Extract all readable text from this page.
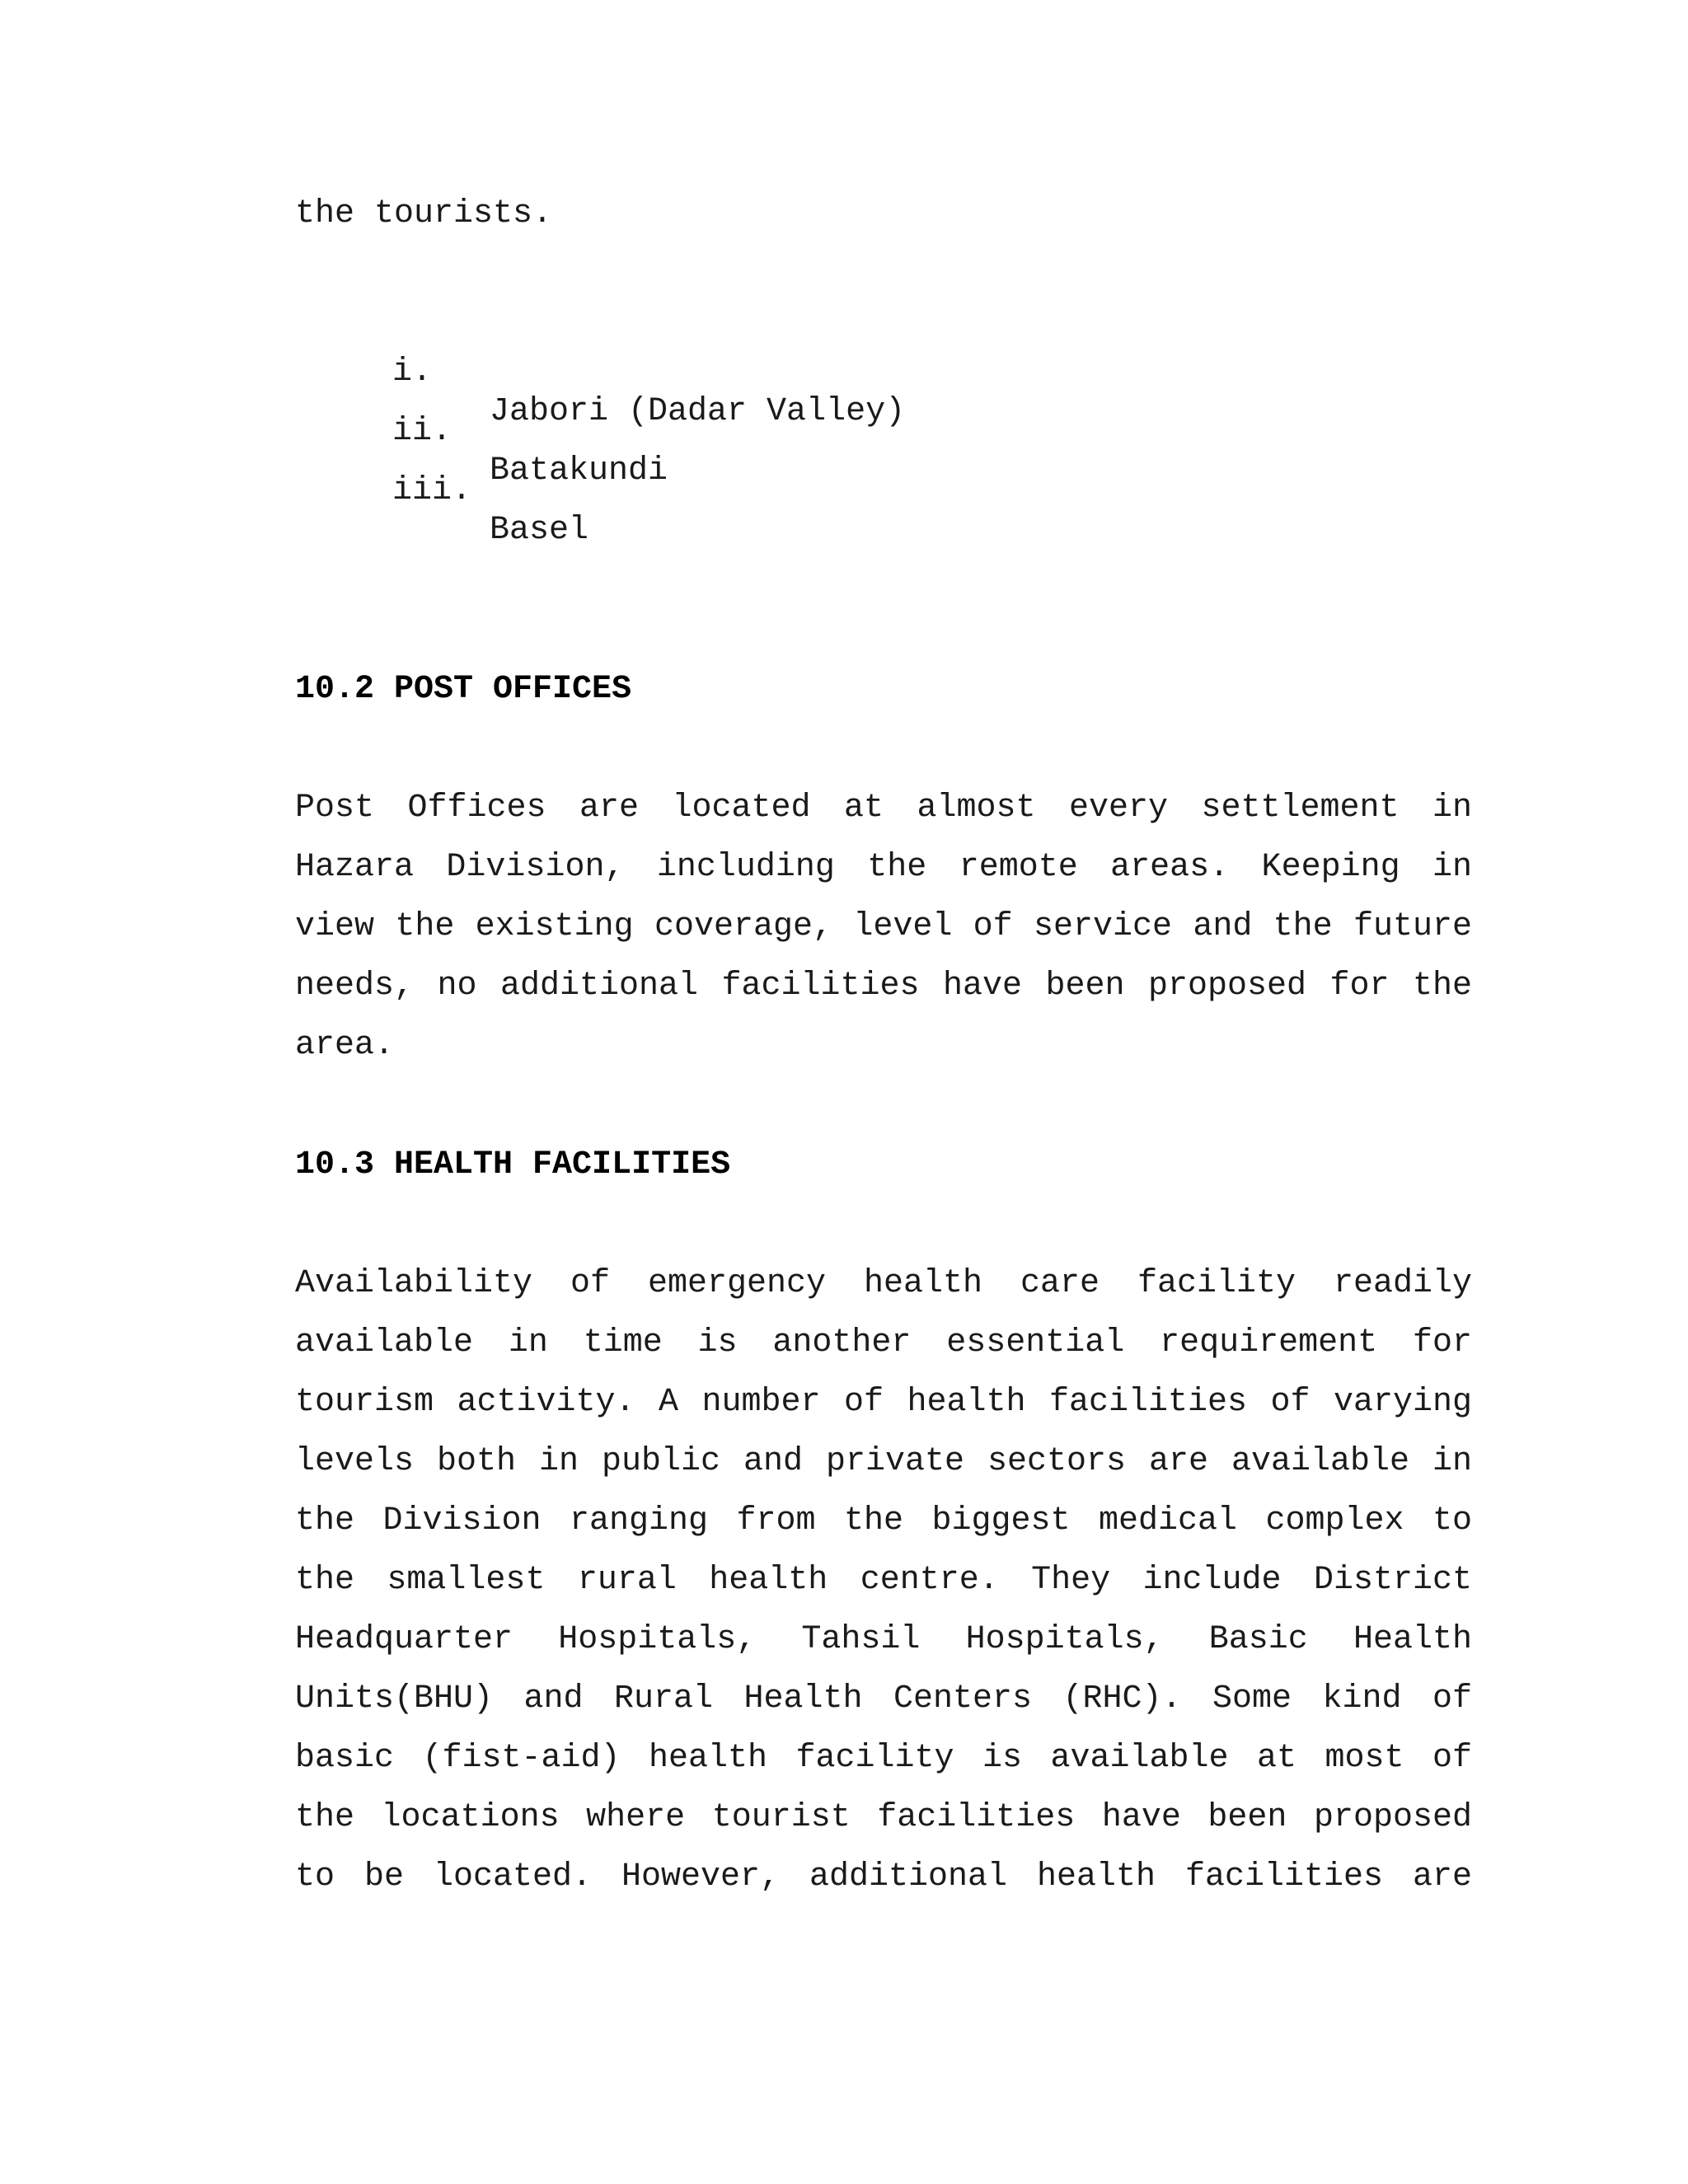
the tourists.

i.

Jabori (Dadar Valley)

ii.

Batakundi

iii.

Basel

10.2 POST OFFICES
Post Offices are located at almost every settlement in
Hazara Division, including the remote areas. Keeping in
view the existing coverage, level of service and the future
needs, no additional facilities have been proposed for the
area.
10.3 HEALTH FACILITIES
Availability of emergency health care facility readily
available in time is another essential requirement for
tourism activity. A number of health facilities of varying
levels both in public and private sectors are available in
the Division ranging from the biggest medical complex to
the smallest rural health centre. They include District
Headquarter Hospitals, Tahsil Hospitals, Basic Health
Units(BHU) and Rural Health Centers (RHC). Some kind of
basic (fist-aid) health facility is available at most of
the locations where tourist facilities have been proposed
to be located. However, additional health facilities are
